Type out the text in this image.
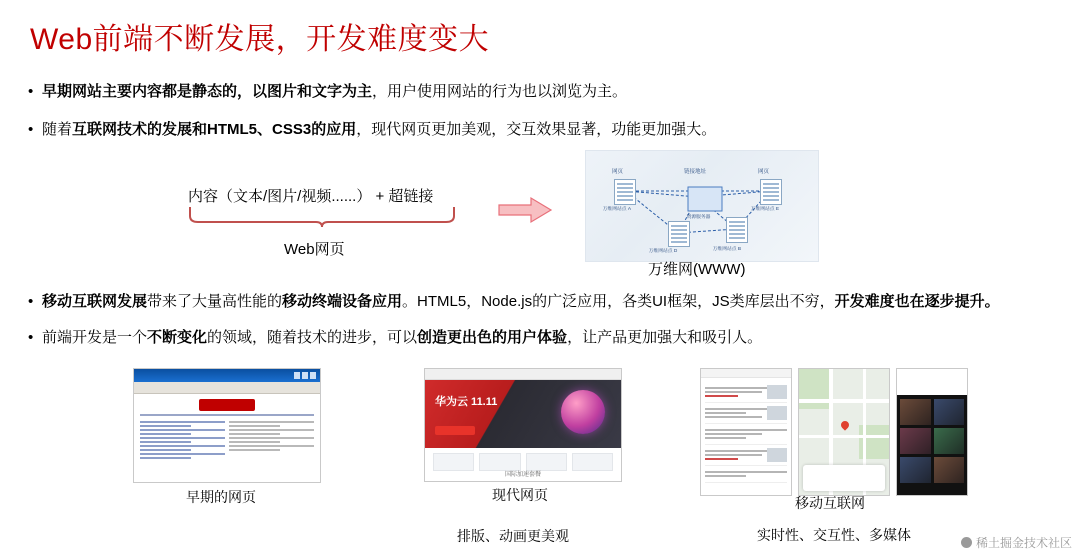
Web前端不断发展，开发难度变大
• 早期网站主要内容都是静态的，以图片和文字为主，用户使用网站的行为也以浏览为主。
• 随着互联网技术的发展和HTML5、CSS3的应用，现代网页更加美观，交互效果显著，功能更加强大。
• 移动互联网发展带来了大量高性能的移动终端设备应用。HTML5，Node.js的广泛应用，各类UI框架，JS类库层出不穷，开发难度也在逐步提升。
• 前端开发是一个不断变化的领域，随着技术的进步，可以创造更出色的用户体验，让产品更加强大和吸引人。
内容（文本/图片/视频......） + 超链接
Web网页
网页
万维网站点 A
链接地址
资源服务器
网页
万维网站点 E
万维网站点 D	万维网站点 B
万维网(WWW)
早期的网页
华为云 11.11
国际加速套餐
现代网页
排版、动画更美观
移动互联网
实时性、交互性、多媒体	稀土掘金技术社区
